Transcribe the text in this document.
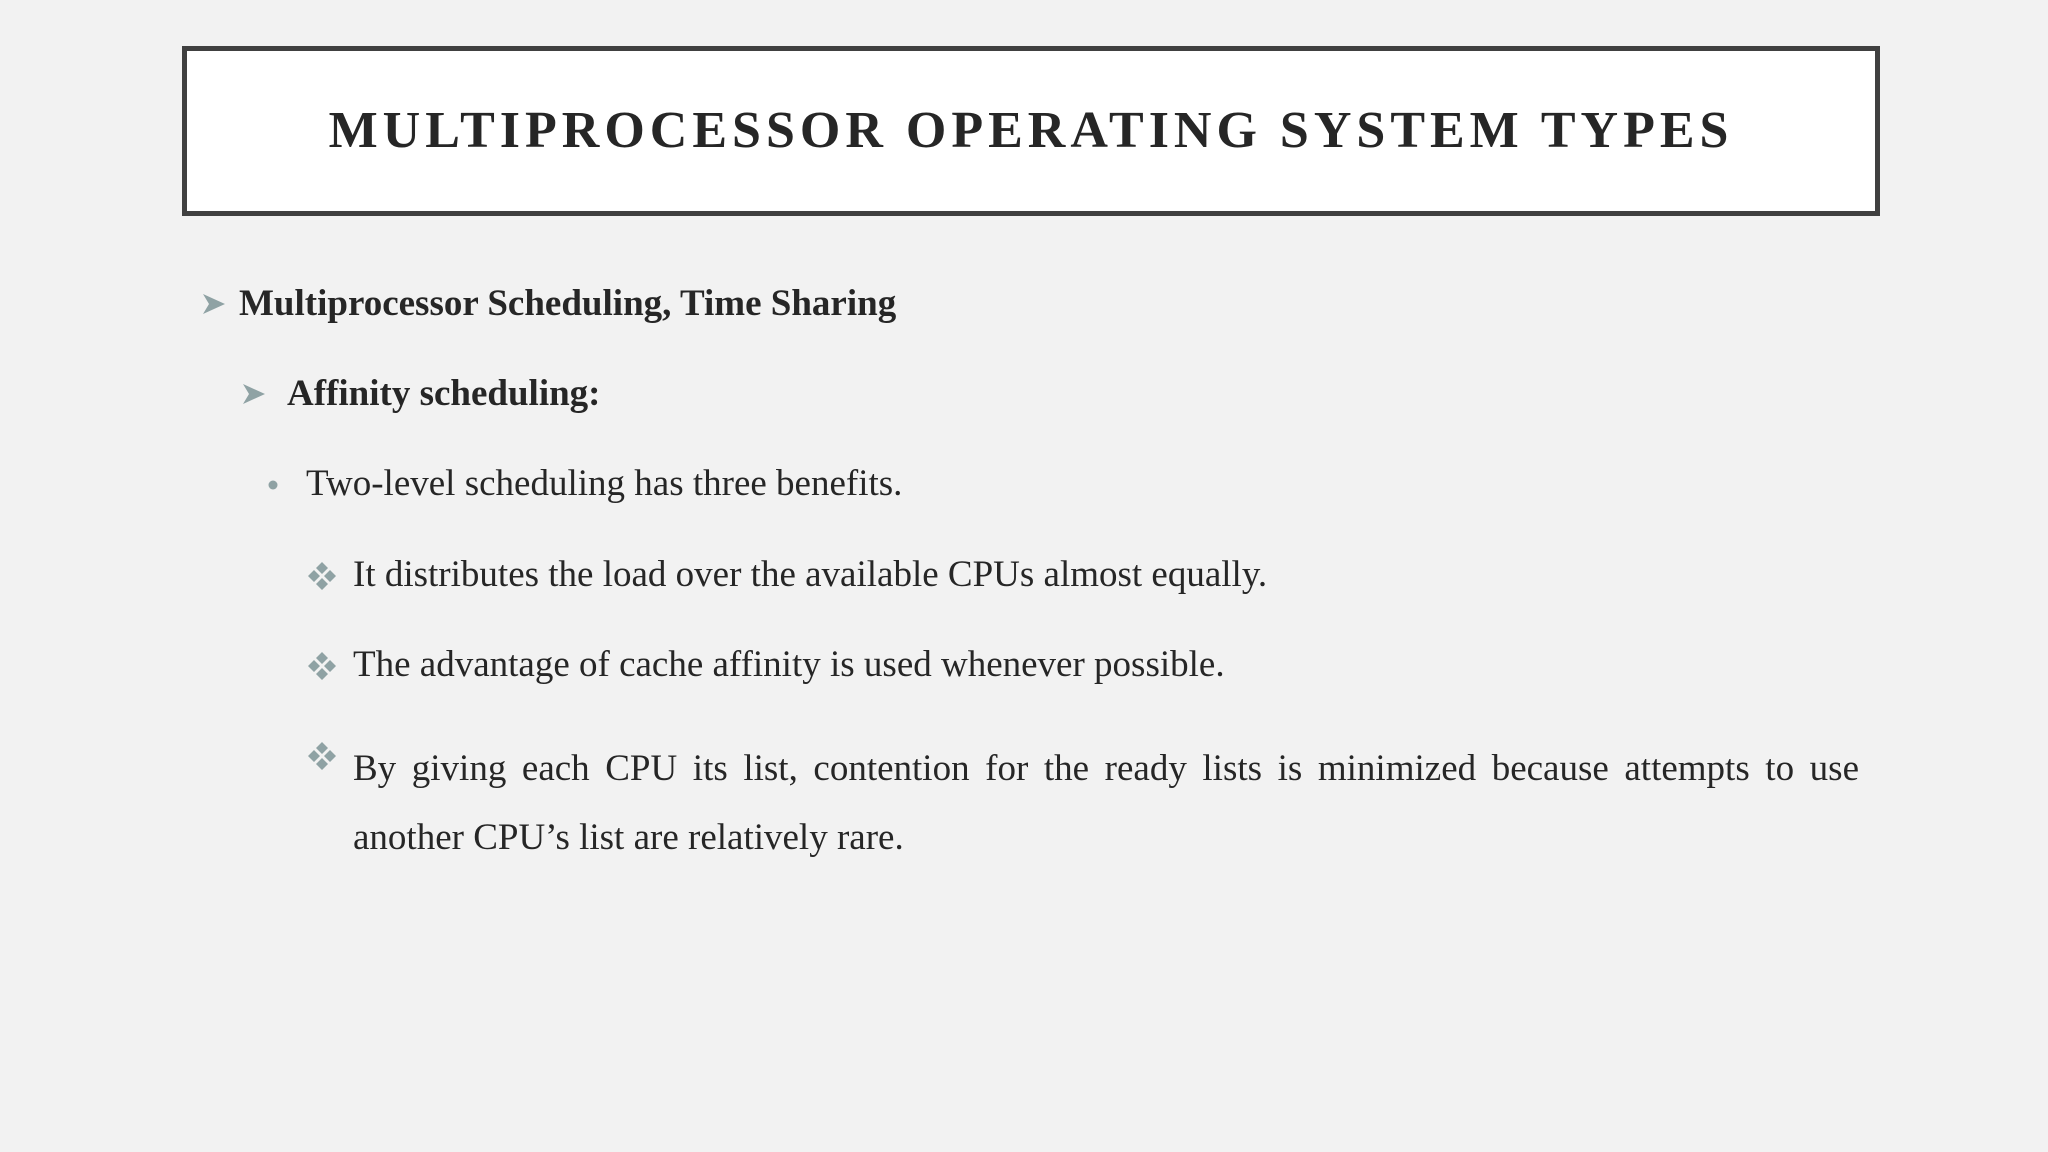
MULTIPROCESSOR OPERATING SYSTEM TYPES
Multiprocessor Scheduling, Time Sharing
Affinity scheduling:
Two-level scheduling has three benefits.
It distributes the load over the available CPUs almost equally.
The advantage of cache affinity is used whenever possible.
By giving each CPU its list, contention for the ready lists is minimized because attempts to use another CPU’s list are relatively rare.
